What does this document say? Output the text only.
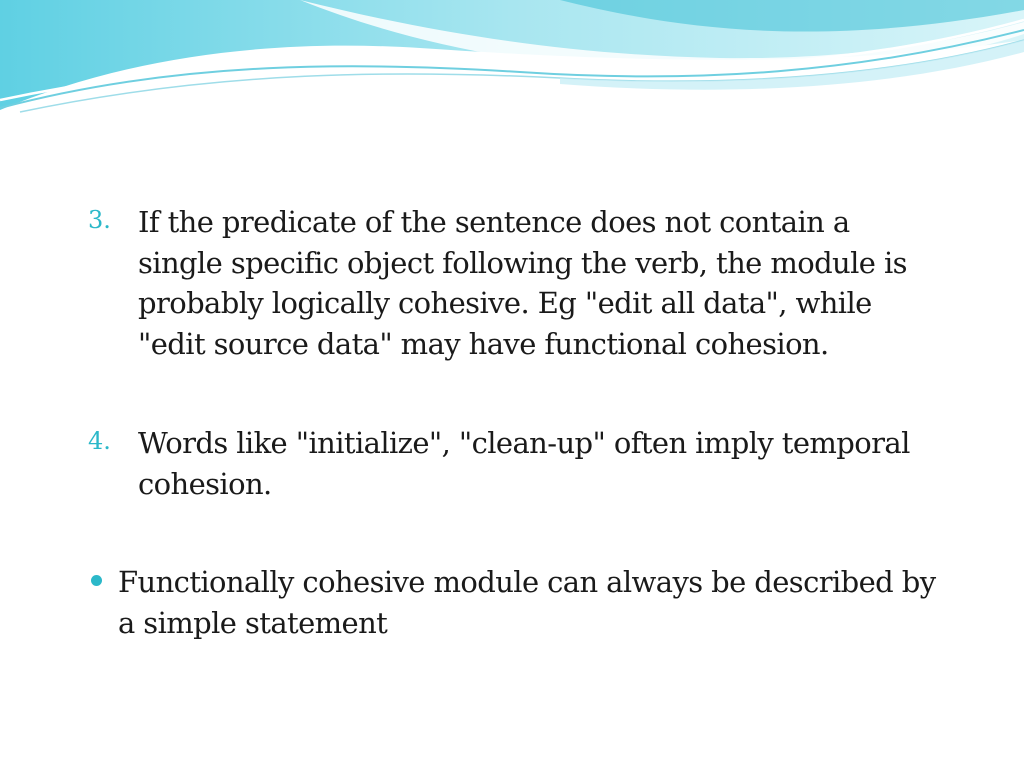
3. If the predicate of the sentence does not contain a single specific object following the verb, the module is probably logically cohesive. Eg "edit all data", while "edit source data" may have functional cohesion.
4. Words like "initialize", "clean-up" often imply temporal cohesion.
Functionally cohesive module can always be described by a simple statement
